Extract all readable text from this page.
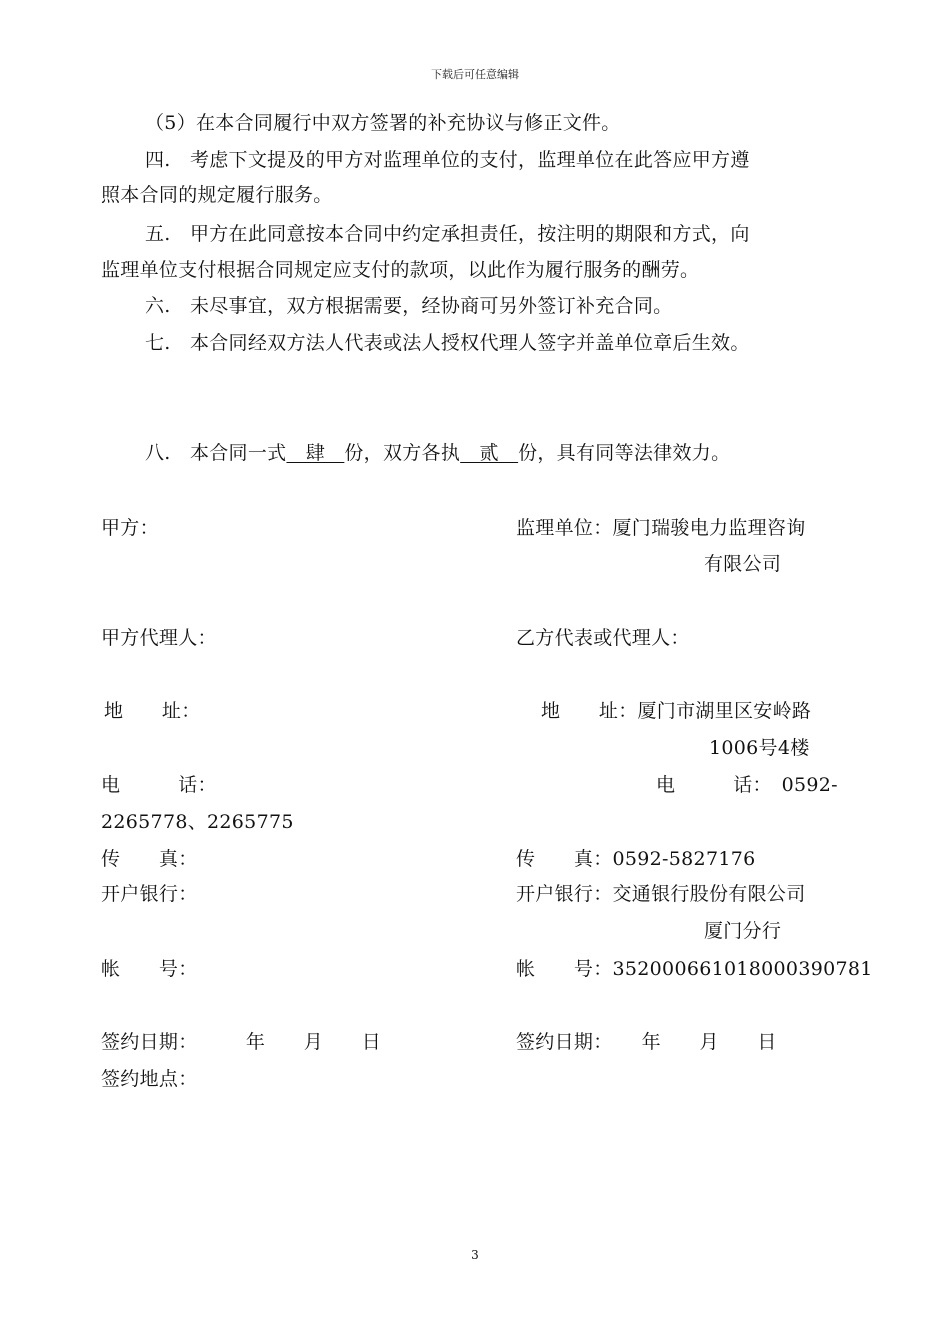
下载后可任意编辑
（5）在本合同履行中双方签署的补充协议与修正文件。
四.　考虑下文提及的甲方对监理单位的支付，监理单位在此答应甲方遵
照本合同的规定履行服务。
五.　甲方在此同意按本合同中约定承担责任，按注明的期限和方式，向
监理单位支付根据合同规定应支付的款项，以此作为履行服务的酬劳。
六.　未尽事宜，双方根据需要，经协商可另外签订补充合同。
七.　本合同经双方法人代表或法人授权代理人签字并盖单位章后生效。
八.　本合同一式　肆　份，双方各执　贰　份，具有同等法律效力。
甲方：
甲方代理人：
地　　址：
电　　　话：
传　　真：
开户银行：
帐　　号：
签约日期：　　　年　　月　　日
签约地点：
监理单位：厦门瑞骏电力监理咨询
有限公司
乙方代表或代理人：
地　　址：厦门市湖里区安岭路
1006号4楼
电　　　话：　0592-
2265778、2265775
传　　真：0592-5827176
开户银行：交通银行股份有限公司
厦门分行
帐　　号：352000661018000390781
签约日期：　　年　　月　　日
3
